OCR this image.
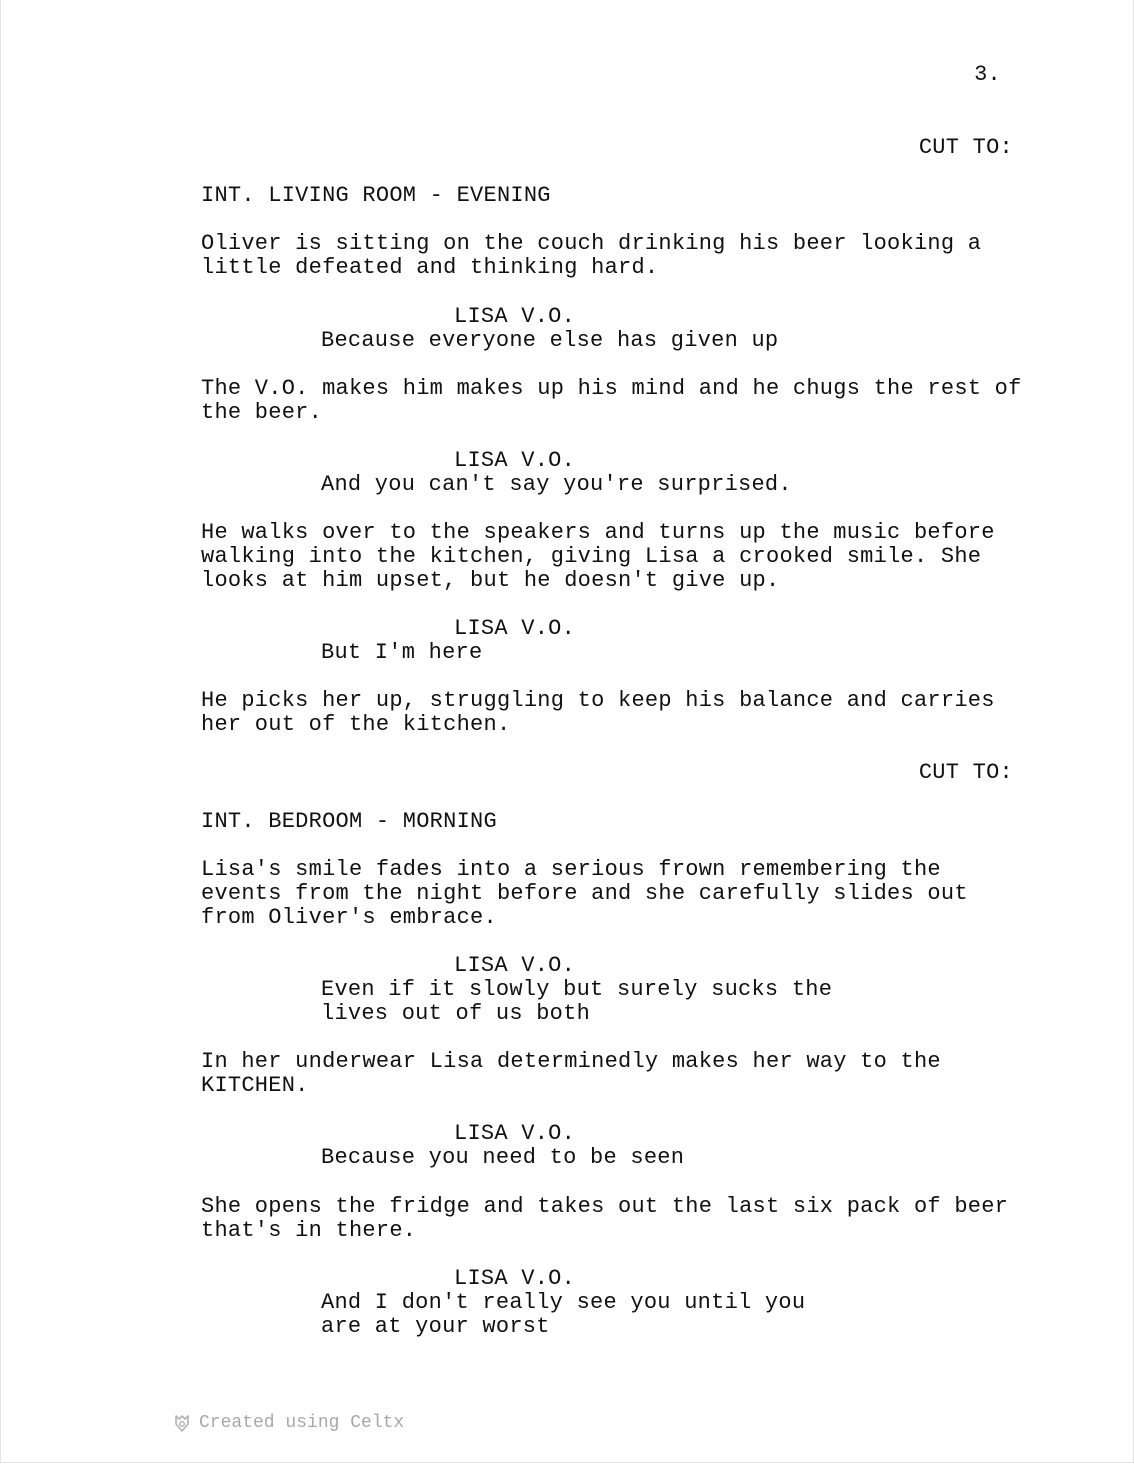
3.
CUT TO:
INT. LIVING ROOM - EVENING
Oliver is sitting on the couch drinking his beer looking a little defeated and thinking hard.
LISA V.O.
Because everyone else has given up
The V.O. makes him makes up his mind and he chugs the rest of the beer.
LISA V.O.
And you can't say you're surprised.
He walks over to the speakers and turns up the music before walking into the kitchen, giving Lisa a crooked smile. She looks at him upset, but he doesn't give up.
LISA V.O.
But I'm here
He picks her up, struggling to keep his balance and carries her out of the kitchen.
CUT TO:
INT. BEDROOM - MORNING
Lisa's smile fades into a serious frown remembering the events from the night before and she carefully slides out from Oliver's embrace.
LISA V.O.
Even if it slowly but surely sucks the lives out of us both
In her underwear Lisa determinedly makes her way to the KITCHEN.
LISA V.O.
Because you need to be seen
She opens the fridge and takes out the last six pack of beer that's in there.
LISA V.O.
And I don't really see you until you are at your worst
Created using Celtx
